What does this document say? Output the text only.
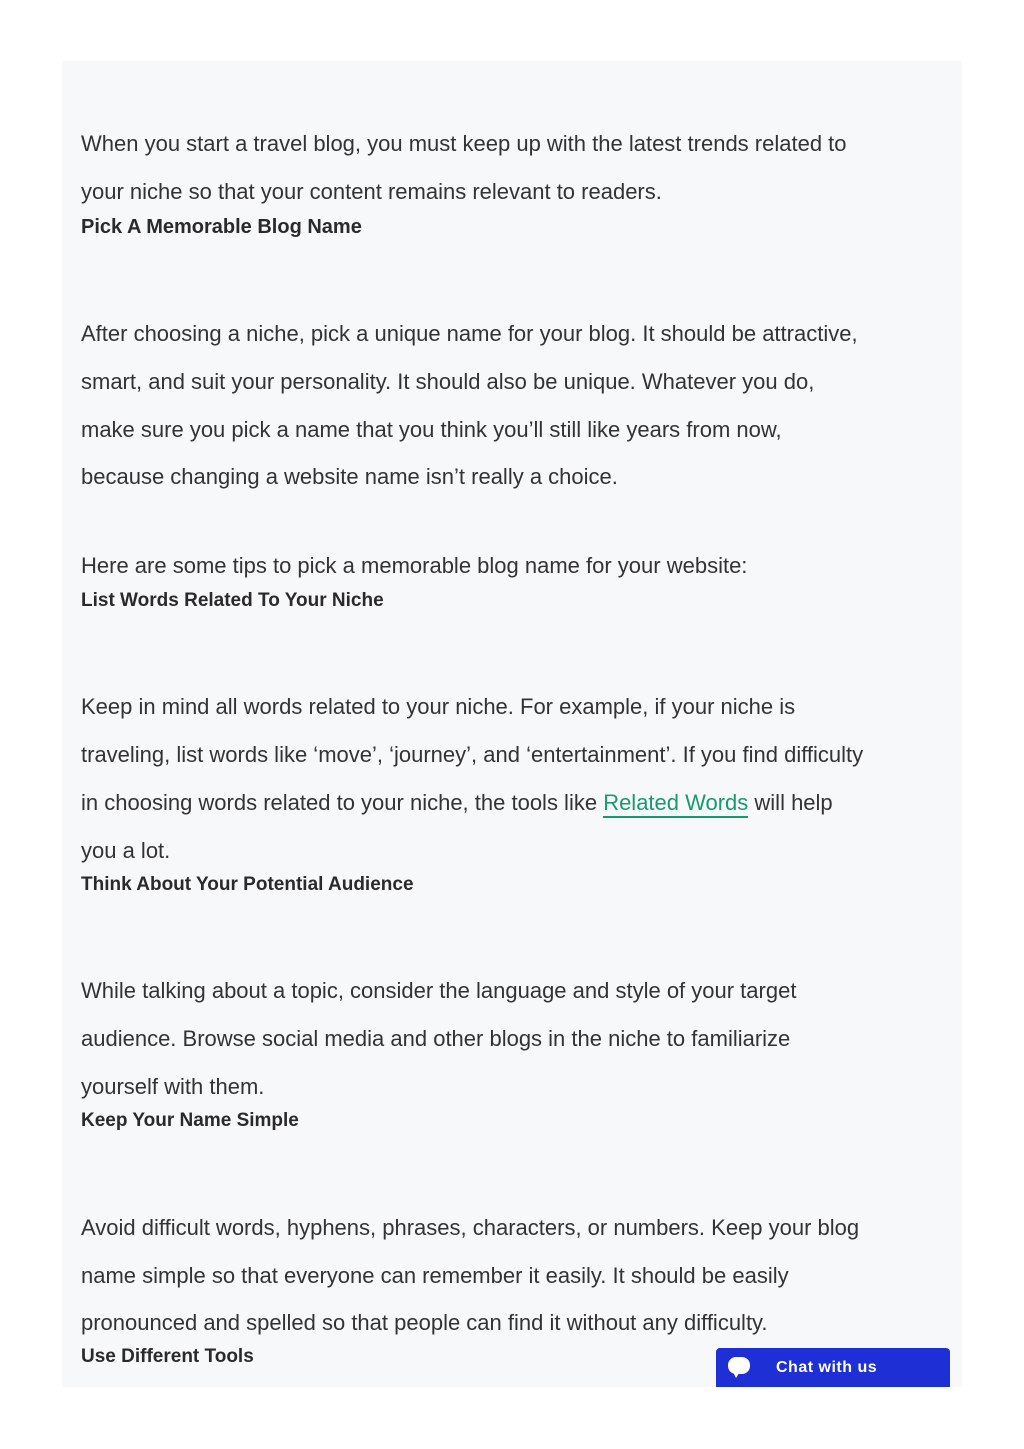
When you start a travel blog, you must keep up with the latest trends related to

your niche so that your content remains relevant to readers.

Pick A Memorable Blog Name

After choosing a niche, pick a unique name for your blog. It should be attractive,

smart, and suit your personality. It should also be unique. Whatever you do,

make sure you pick a name that you think you’ll still like years from now,

because changing a website name isn’t really a choice.

Here are some tips to pick a memorable blog name for your website:

List Words Related To Your Niche

Keep in mind all words related to your niche. For example, if your niche is

traveling, list words like ‘move’, ‘journey’, and ‘entertainment’. If you find difficulty

in choosing words related to your niche, the tools like Related Words will help

you a lot.

Think About Your Potential Audience

While talking about a topic, consider the language and style of your target

audience. Browse social media and other blogs in the niche to familiarize

yourself with them.

Keep Your Name Simple

Avoid difficult words, hyphens, phrases, characters, or numbers. Keep your blog

name simple so that everyone can remember it easily. It should be easily

pronounced and spelled so that people can find it without any difficulty.

Use Different Tools	Chat with us
